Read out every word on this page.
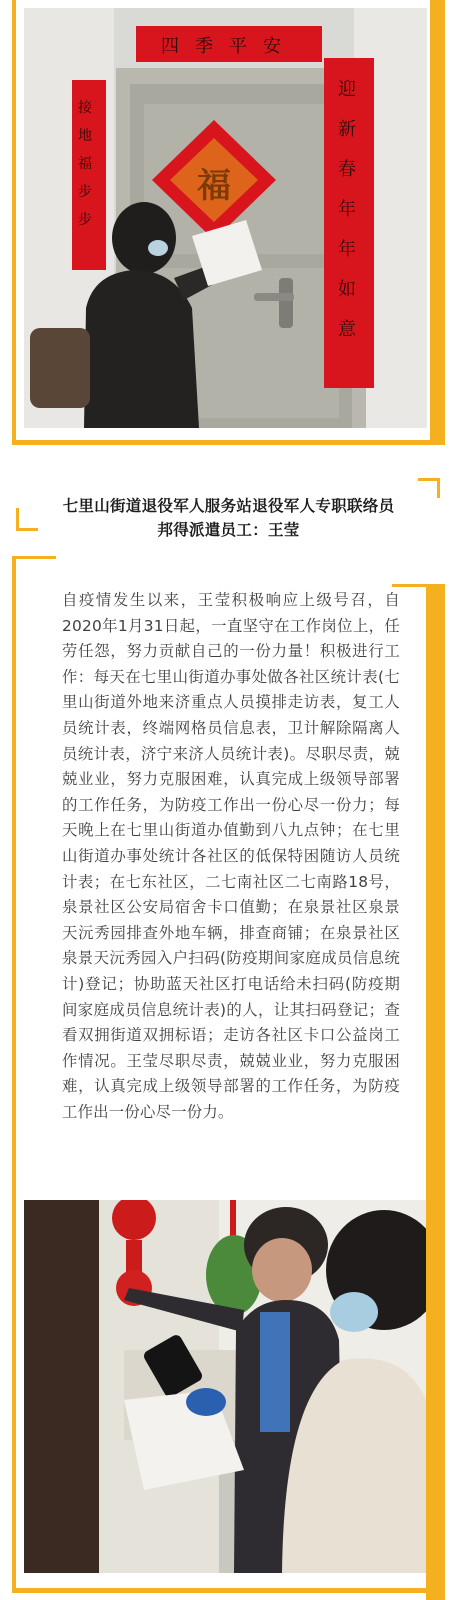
四季平安
接地福步步
迎新春年年如意
福
七里山街道退役军人服务站退役军人专职联络员
邦得派遣员工：王莹
自疫情发生以来，王莹积极响应上级号召，自2020年1月31日起，一直坚守在工作岗位上，任劳任怨，努力贡献自己的一份力量！积极进行工作：每天在七里山街道办事处做各社区统计表(七里山街道外地来济重点人员摸排走访表，复工人员统计表，终端网格员信息表，卫计解除隔离人员统计表，济宁来济人员统计表)。尽职尽责，兢兢业业，努力克服困难，认真完成上级领导部署的工作任务，为防疫工作出一份心尽一份力；每天晚上在七里山街道办值勤到八九点钟；在七里山街道办事处统计各社区的低保特困随访人员统计表；在七东社区，二七南社区二七南路18号，泉景社区公安局宿舍卡口值勤；在泉景社区泉景天沅秀园排查外地车辆，排查商铺；在泉景社区泉景天沅秀园入户扫码(防疫期间家庭成员信息统计)登记；协助蓝天社区打电话给未扫码(防疫期间家庭成员信息统计表)的人，让其扫码登记；查看双拥街道双拥标语；走访各社区卡口公益岗工作情况。王莹尽职尽责，兢兢业业，努力克服困难，认真完成上级领导部署的工作任务，为防疫工作出一份心尽一份力。
